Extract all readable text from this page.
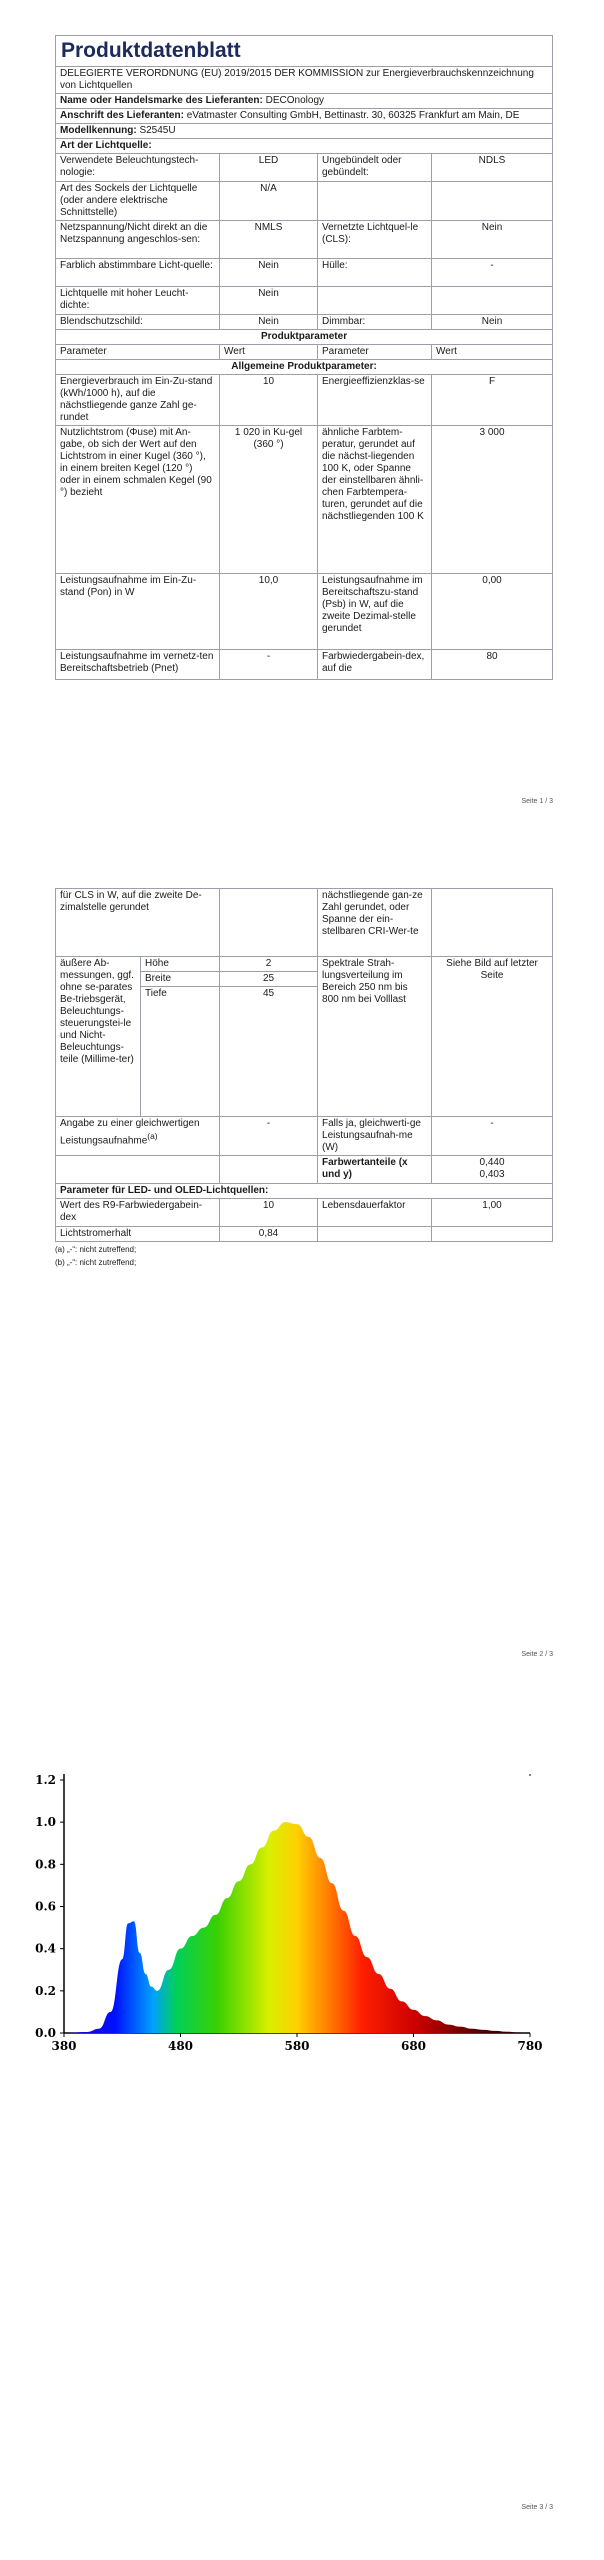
Produktdatenblatt			
DELEGIERTE VERORDNUNG (EU) 2019/2015 DER KOMMISSION zur Energieverbrauchskennzeichnung von Lichtquellen			
Name oder Handelsmarke des Lieferanten: DECOnology			
Anschrift des Lieferanten: eVatmaster Consulting GmbH, Bettinastr. 30, 60325 Frankfurt am Main, DE			
Modellkennung: S2545U			
Art der Lichtquelle:			
Verwendete Beleuchtungstech-nologie:	LED	Ungebündelt oder gebündelt:	NDLS
Art des Sockels der Lichtquelle (oder andere elektrische Schnittstelle)	N/A		
Netzspannung/Nicht direkt an die Netzspannung angeschlos-sen:	NMLS	Vernetzte Lichtquel-le (CLS):	Nein
Farblich abstimmbare Licht-quelle:	Nein	Hülle:	-
Lichtquelle mit hoher Leucht-dichte:	Nein		
Blendschutzschild:	Nein	Dimmbar:	Nein
Produktparameter			
Parameter	Wert	Parameter	Wert
Allgemeine Produktparameter:			
Energieverbrauch im Ein-Zu-stand (kWh/1000 h), auf die nächstliegende ganze Zahl ge-rundet	10	Energieeffizienzklas-se	F
Nutzlichtstrom (Φuse) mit An-gabe, ob sich der Wert auf den Lichtstrom in einer Kugel (360 °), in einem breiten Kegel (120 °) oder in einem schmalen Kegel (90 °) bezieht	1 020 in Ku-gel (360 °)	ähnliche Farbtem-peratur, gerundet auf die nächst-liegenden 100 K, oder Spanne der einstellbaren ähnli-chen Farbtempera-turen, gerundet auf die nächstliegenden 100 K	3 000
Leistungsaufnahme im Ein-Zu-stand (Pon) in W	10,0	Leistungsaufnahme im Bereitschaftszu-stand (Psb) in W, auf die zweite Dezimal-stelle gerundet	0,00
Leistungsaufnahme im vernetz-ten Bereitschaftsbetrieb (Pnet)	-	Farbwiedergabein-dex, auf die	80
Seite 1 / 3
für CLS in W, auf die zweite De-zimalstelle gerundet			nächstliegende gan-ze Zahl gerundet, oder Spanne der ein-stellbaren CRI-Wer-te	
äußere Ab-messungen, ggf. ohne se-parates Be-triebsgerät, Beleuchtungs-steuerungstei-le und Nicht-Beleuchtungs-teile (Millime-ter)	Höhe	2	Spektrale Strah-lungsverteilung im Bereich 250 nm bis 800 nm bei Volllast	Siehe Bild auf letzter Seite
	Breite	25		
	Tiefe	45		
Angabe zu einer gleichwertigen Leistungsaufnahme$^{(a)}$		-	Falls ja, gleichwerti-ge Leistungsaufnah-me (W)	-
			Farbwertanteile (x und y)	0,440
0,403

Parameter für LED- und OLED-Lichtquellen:				
Wert des R9-Farbwiedergabein-dex		10	Lebensdauerfaktor	1,00
Lichtstromerhalt		0,84		
(a) „-“: nicht zutreffend;
(b) „-“: nicht zutreffend;
Seite 2 / 3
0.0
0.2
0.4
0.6
0.8
1.0
1.2
380	480	580	680	780
Seite 3 / 3
